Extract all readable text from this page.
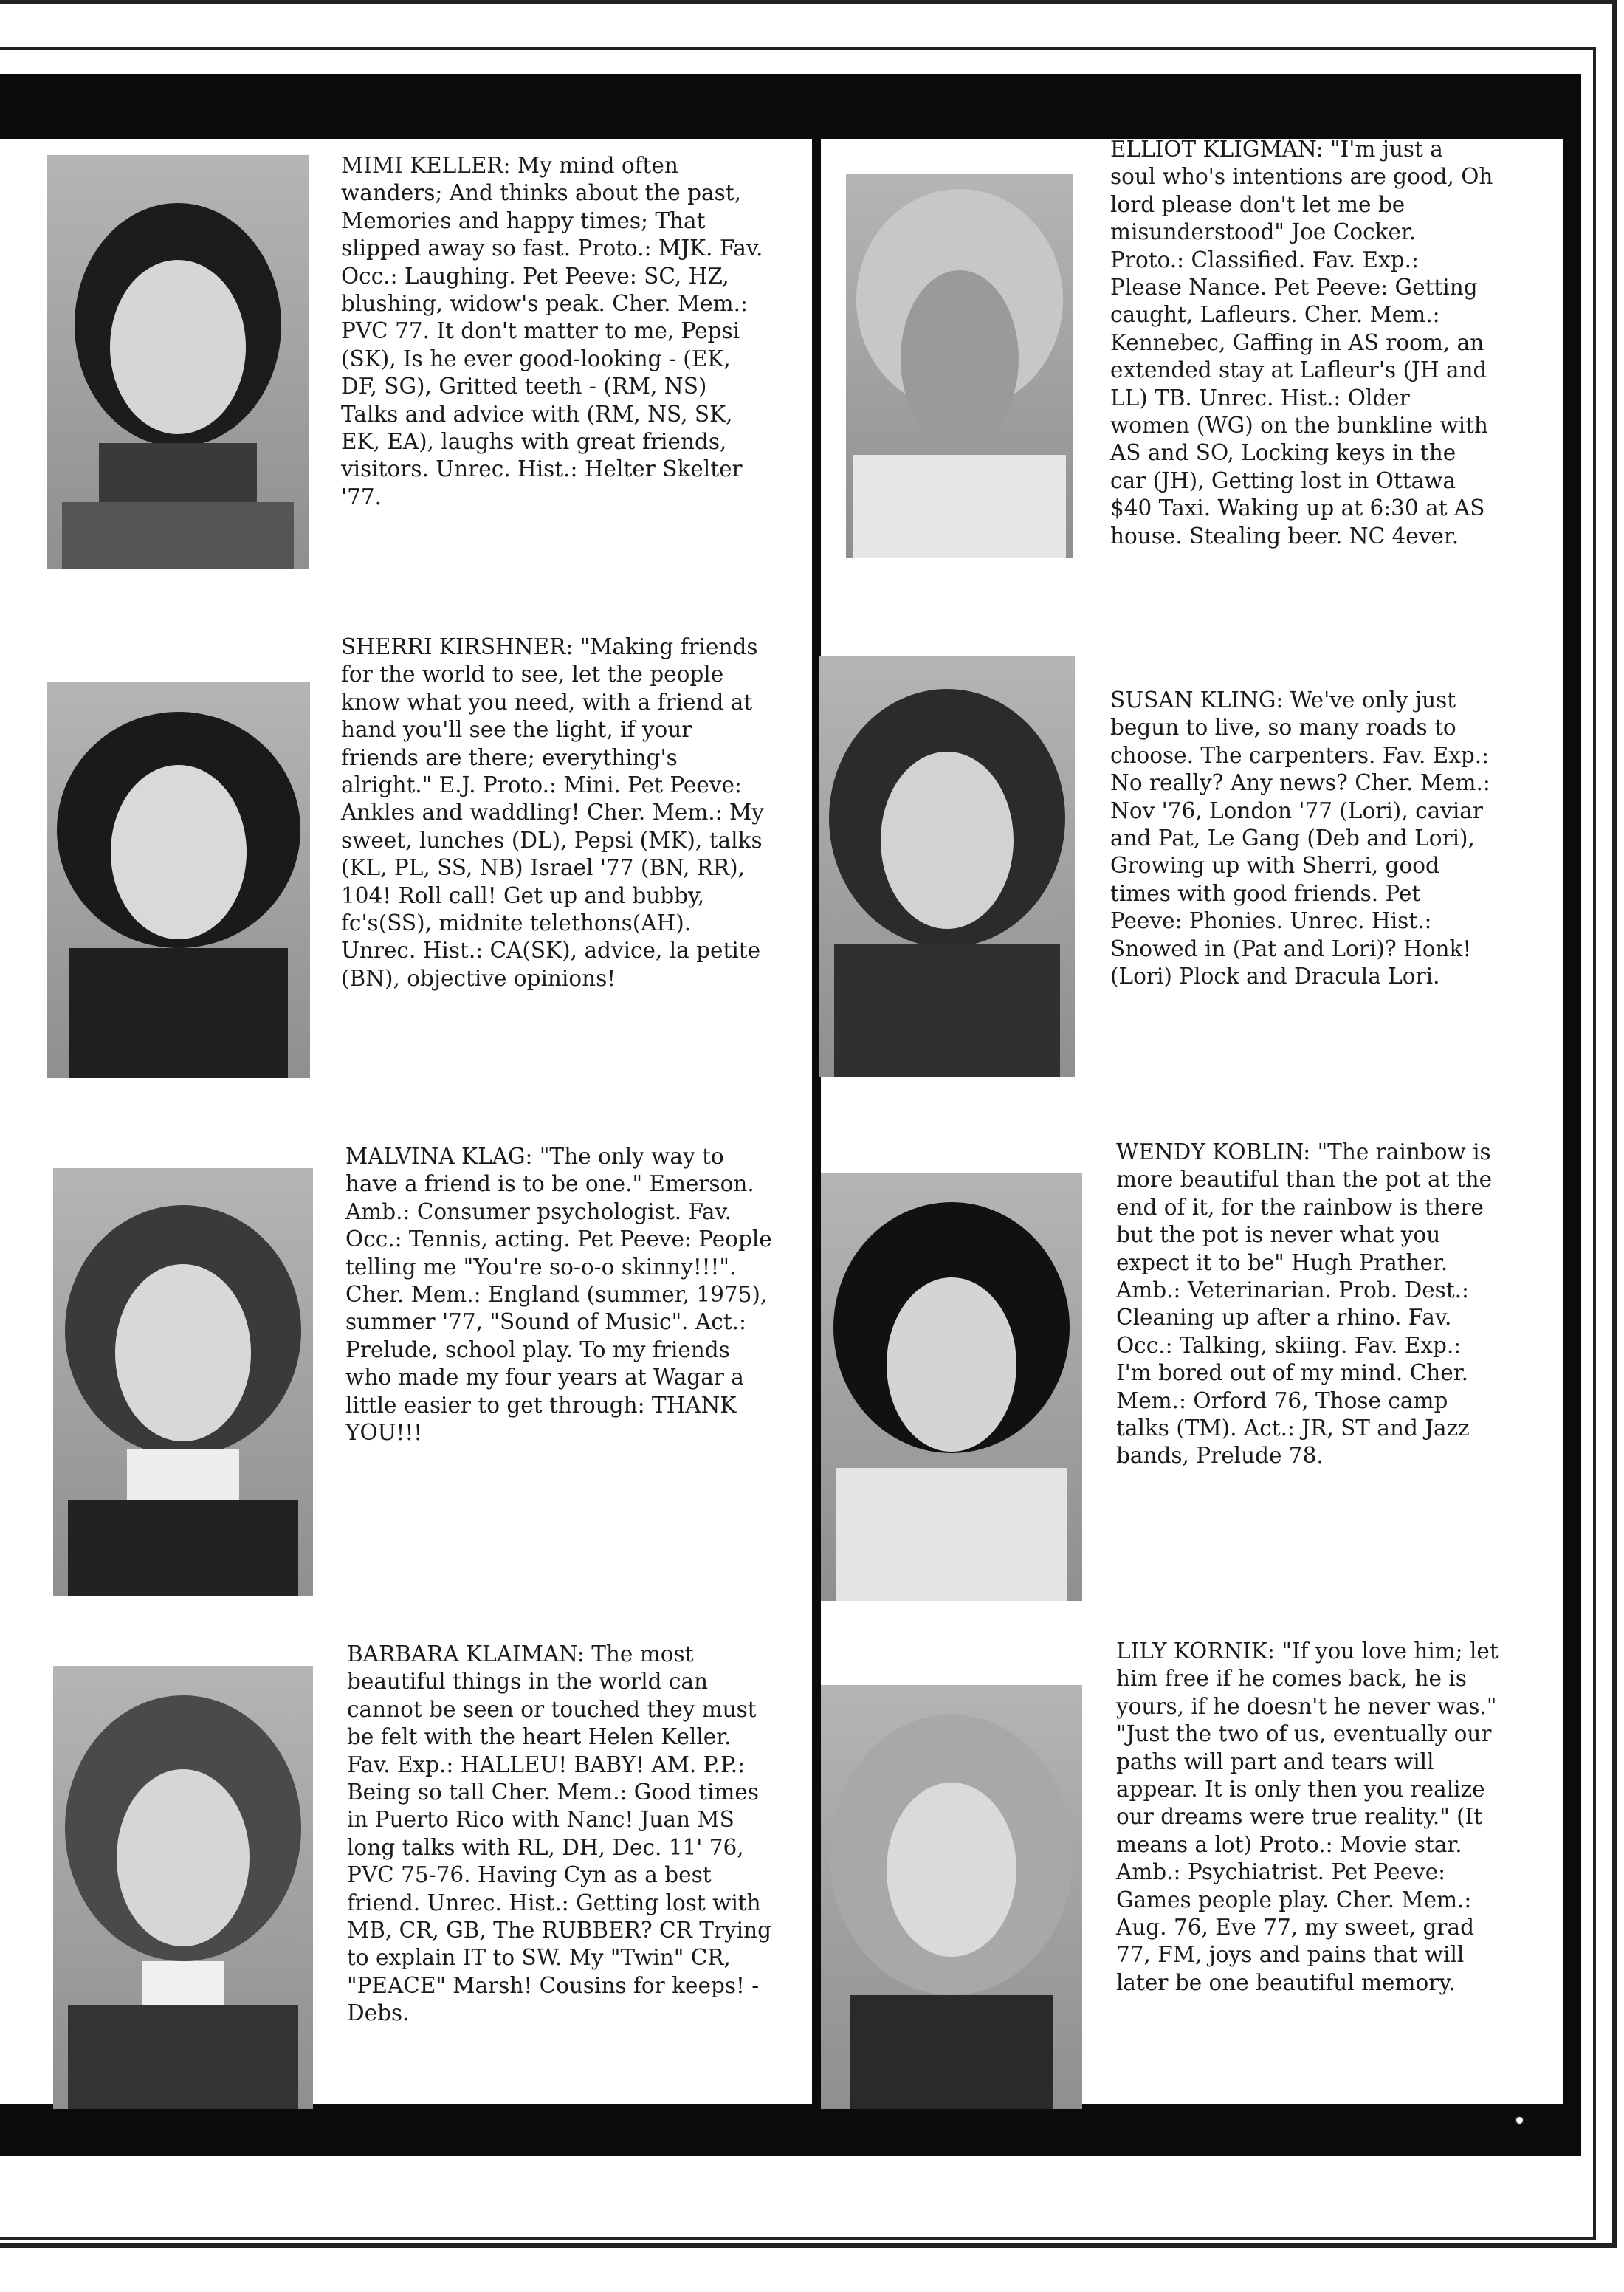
MIMI KELLER: My mind often wanders; And thinks about the past, Memories and happy times; That slipped away so fast. Proto.: MJK. Fav. Occ.: Laughing. Pet Peeve: SC, HZ, blushing, widow's peak. Cher. Mem.: PVC 77. It don't matter to me, Pepsi (SK), Is he ever good-looking - (EK, DF, SG), Gritted teeth - (RM, NS) Talks and advice with (RM, NS, SK, EK, EA), laughs with great friends, visitors. Unrec. Hist.: Helter Skelter '77.

ELLIOT KLIGMAN: "I'm just a soul who's intentions are good, Oh lord please don't let me be misunderstood" Joe Cocker. Proto.: Classified. Fav. Exp.: Please Nance. Pet Peeve: Getting caught, Lafleurs. Cher. Mem.: Kennebec, Gaffing in AS room, an extended stay at Lafleur's (JH and LL) TB. Unrec. Hist.: Older women (WG) on the bunkline with AS and SO, Locking keys in the car (JH), Getting lost in Ottawa $40 Taxi. Waking up at 6:30 at AS house. Stealing beer. NC 4ever.

SHERRI KIRSHNER: "Making friends for the world to see, let the people know what you need, with a friend at hand you'll see the light, if your friends are there; everything's alright." E.J. Proto.: Mini. Pet Peeve: Ankles and waddling! Cher. Mem.: My sweet, lunches (DL), Pepsi (MK), talks (KL, PL, SS, NB) Israel '77 (BN, RR), 104! Roll call! Get up and bubby, fc's(SS), midnite telethons(AH). Unrec. Hist.: CA(SK), advice, la petite (BN), objective opinions!

SUSAN KLING: We've only just begun to live, so many roads to choose. The carpenters. Fav. Exp.: No really? Any news? Cher. Mem.: Nov '76, London '77 (Lori), caviar and Pat, Le Gang (Deb and Lori), Growing up with Sherri, good times with good friends. Pet Peeve: Phonies. Unrec. Hist.: Snowed in (Pat and Lori)? Honk! (Lori) Plock and Dracula Lori.

MALVINA KLAG: "The only way to have a friend is to be one." Emerson. Amb.: Consumer psychologist. Fav. Occ.: Tennis, acting. Pet Peeve: People telling me "You're so-o-o skinny!!!". Cher. Mem.: England (summer, 1975), summer '77, "Sound of Music". Act.: Prelude, school play. To my friends who made my four years at Wagar a little easier to get through: THANK YOU!!!

WENDY KOBLIN: "The rainbow is more beautiful than the pot at the end of it, for the rainbow is there but the pot is never what you expect it to be" Hugh Prather. Amb.: Veterinarian. Prob. Dest.: Cleaning up after a rhino. Fav. Occ.: Talking, skiing. Fav. Exp.: I'm bored out of my mind. Cher. Mem.: Orford 76, Those camp talks (TM). Act.: JR, ST and Jazz bands, Prelude 78.

BARBARA KLAIMAN: The most beautiful things in the world can cannot be seen or touched they must be felt with the heart Helen Keller. Fav. Exp.: HALLEU! BABY! AM. P.P.: Being so tall Cher. Mem.: Good times in Puerto Rico with Nanc! Juan MS long talks with RL, DH, Dec. 11' 76, PVC 75-76. Having Cyn as a best friend. Unrec. Hist.: Getting lost with MB, CR, GB, The RUBBER? CR Trying to explain IT to SW. My "Twin" CR, "PEACE" Marsh! Cousins for keeps! - Debs.

LILY KORNIK: "If you love him; let him free if he comes back, he is yours, if he doesn't he never was." "Just the two of us, eventually our paths will part and tears will appear. It is only then you realize our dreams were true reality." (It means a lot) Proto.: Movie star. Amb.: Psychiatrist. Pet Peeve: Games people play. Cher. Mem.: Aug. 76, Eve 77, my sweet, grad 77, FM, joys and pains that will later be one beautiful memory.
